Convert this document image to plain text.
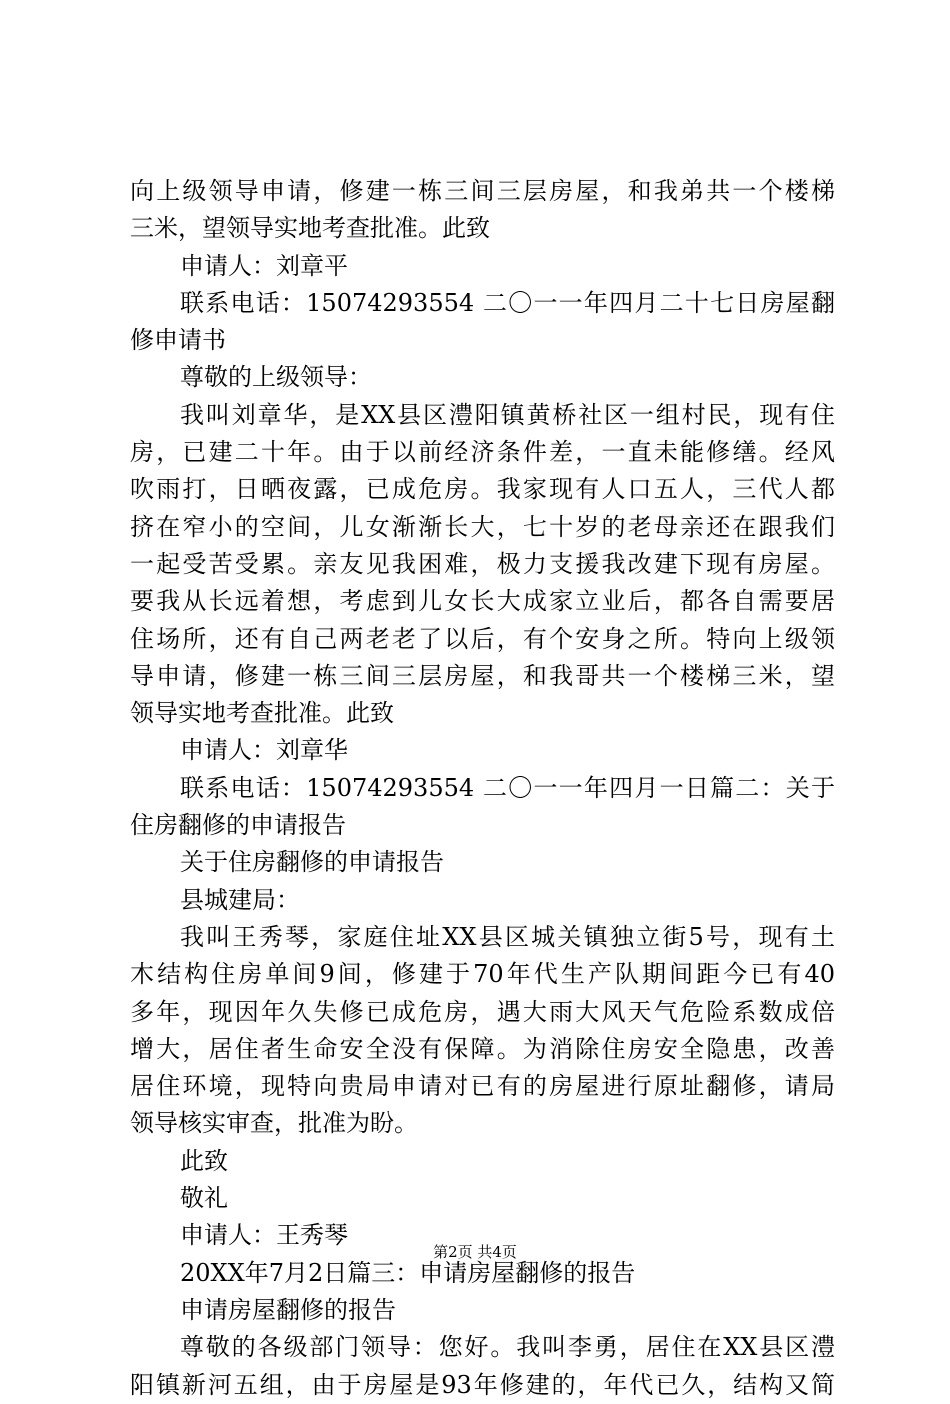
向上级领导申请，修建一栋三间三层房屋，和我弟共一个楼梯
三米，望领导实地考查批准。此致
申请人：刘章平
联系电话：15074293554 二〇一一年四月二十七日房屋翻
修申请书
尊敬的上级领导：
我叫刘章华，是XX县区澧阳镇黄桥社区一组村民，现有住
房，已建二十年。由于以前经济条件差，一直未能修缮。经风
吹雨打，日晒夜露，已成危房。我家现有人口五人，三代人都
挤在窄小的空间，儿女渐渐长大，七十岁的老母亲还在跟我们
一起受苦受累。亲友见我困难，极力支援我改建下现有房屋。
要我从长远着想，考虑到儿女长大成家立业后，都各自需要居
住场所，还有自己两老老了以后，有个安身之所。特向上级领
导申请，修建一栋三间三层房屋，和我哥共一个楼梯三米，望
领导实地考查批准。此致
申请人：刘章华
联系电话：15074293554 二〇一一年四月一日篇二：关于
住房翻修的申请报告
关于住房翻修的申请报告
县城建局：
我叫王秀琴，家庭住址XX县区城关镇独立街5号，现有土
木结构住房单间9间，修建于70年代生产队期间距今已有40
多年，现因年久失修已成危房，遇大雨大风天气危险系数成倍
增大，居住者生命安全没有保障。为消除住房安全隐患，改善
居住环境，现特向贵局申请对已有的房屋进行原址翻修，请局
领导核实审查，批准为盼。
此致
敬礼
申请人：王秀琴
20XX年7月2日篇三：申请房屋翻修的报告
申请房屋翻修的报告
尊敬的各级部门领导：您好。我叫李勇，居住在XX县区澧
阳镇新河五组，由于房屋是93年修建的，年代已久，结构又简
第2页 共4页
